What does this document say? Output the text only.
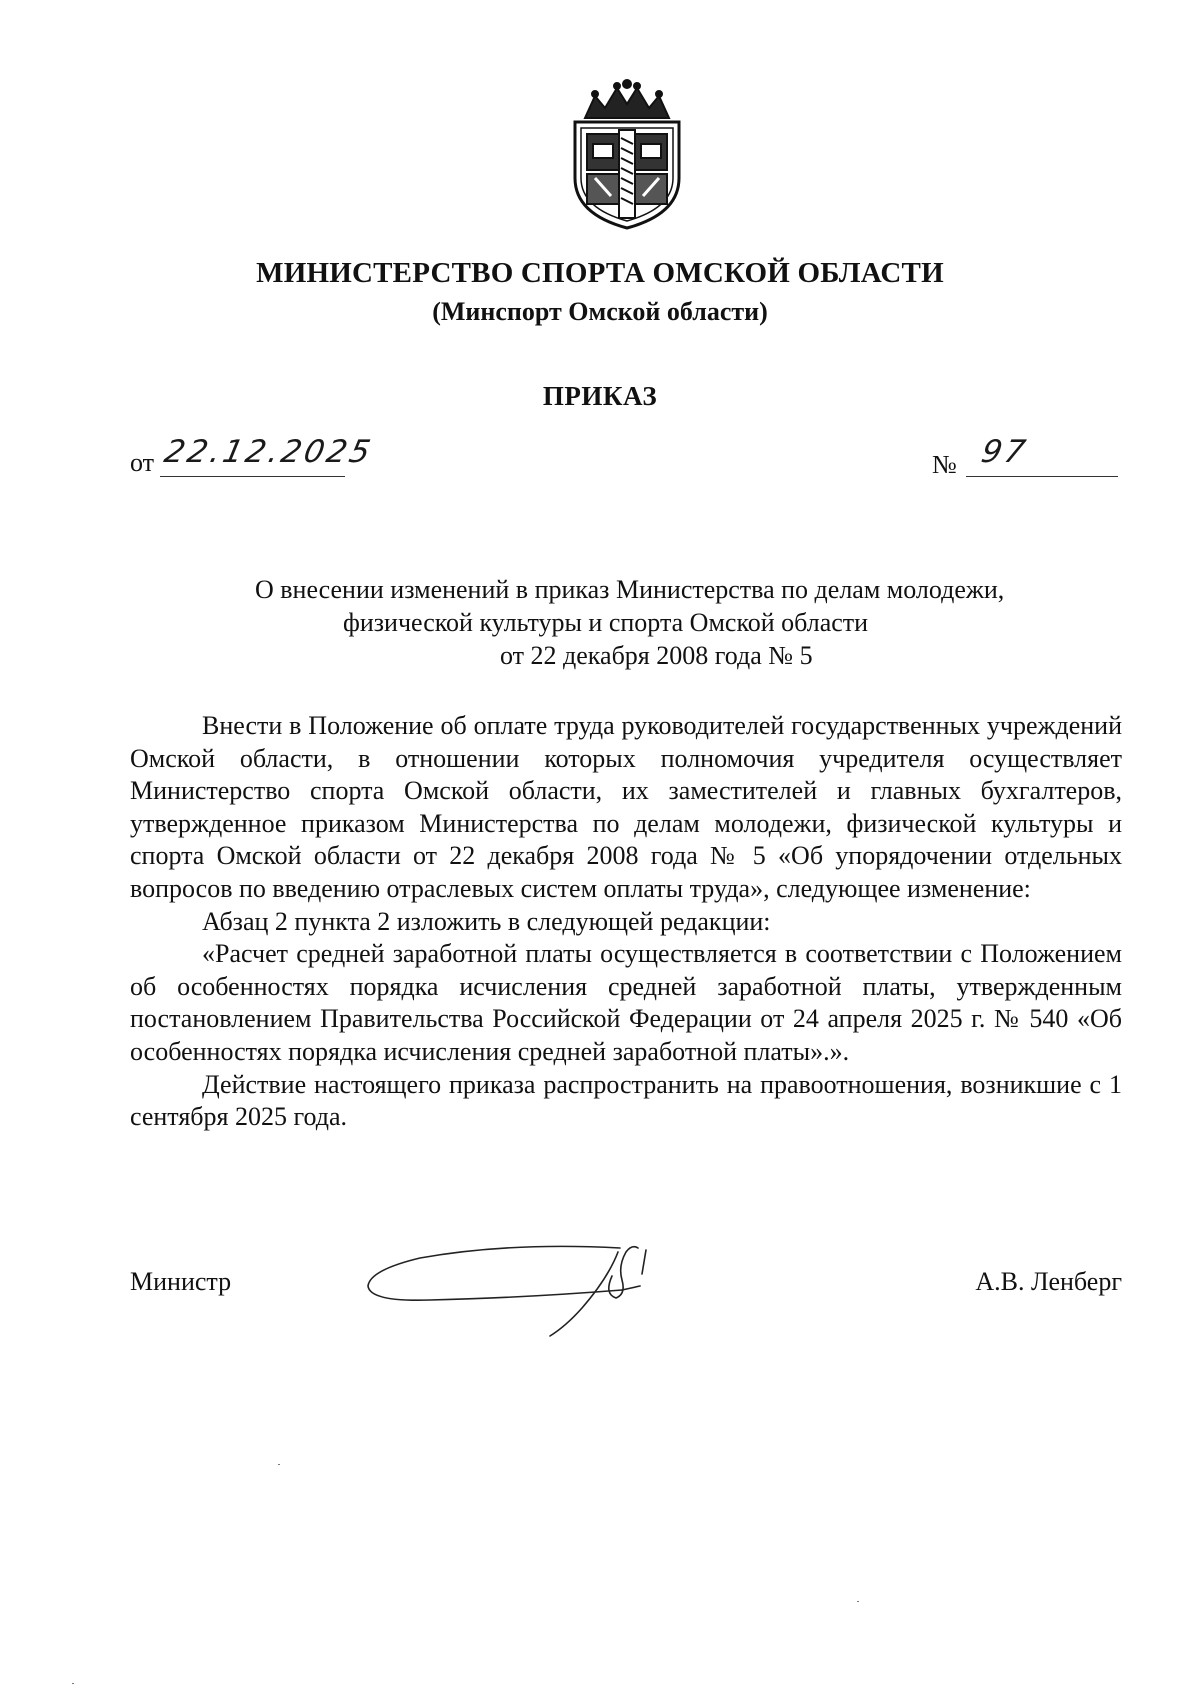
МИНИСТЕРСТВО СПОРТА ОМСКОЙ ОБЛАСТИ
(Минспорт Омской области)
ПРИКАЗ
от 22.12.2025	№ 97
О внесении изменений в приказ Министерства по делам молодежи,
физической культуры и спорта Омской области
от 22 декабря 2008 года № 5

Внести в Положение об оплате труда руководителей государственных учреждений Омской области, в отношении которых полномочия учредителя осуществляет Министерство спорта Омской области, их заместителей и главных бухгалтеров, утвержденное приказом Министерства по делам молодежи, физической культуры и спорта Омской области от 22 декабря 2008 года № 5 «Об упорядочении отдельных вопросов по введению отраслевых систем оплаты труда», следующее изменение:

Абзац 2 пункта 2 изложить в следующей редакции:

«Расчет средней заработной платы осуществляется в соответствии с Положением об особенностях порядка исчисления средней заработной платы, утвержденным постановлением Правительства Российской Федерации от 24 апреля 2025 г. № 540 «Об особенностях порядка исчисления средней заработной платы».».

Действие настоящего приказа распространить на правоотношения, возникшие с 1 сентября 2025 года.

Министр	А.В. Ленберг
